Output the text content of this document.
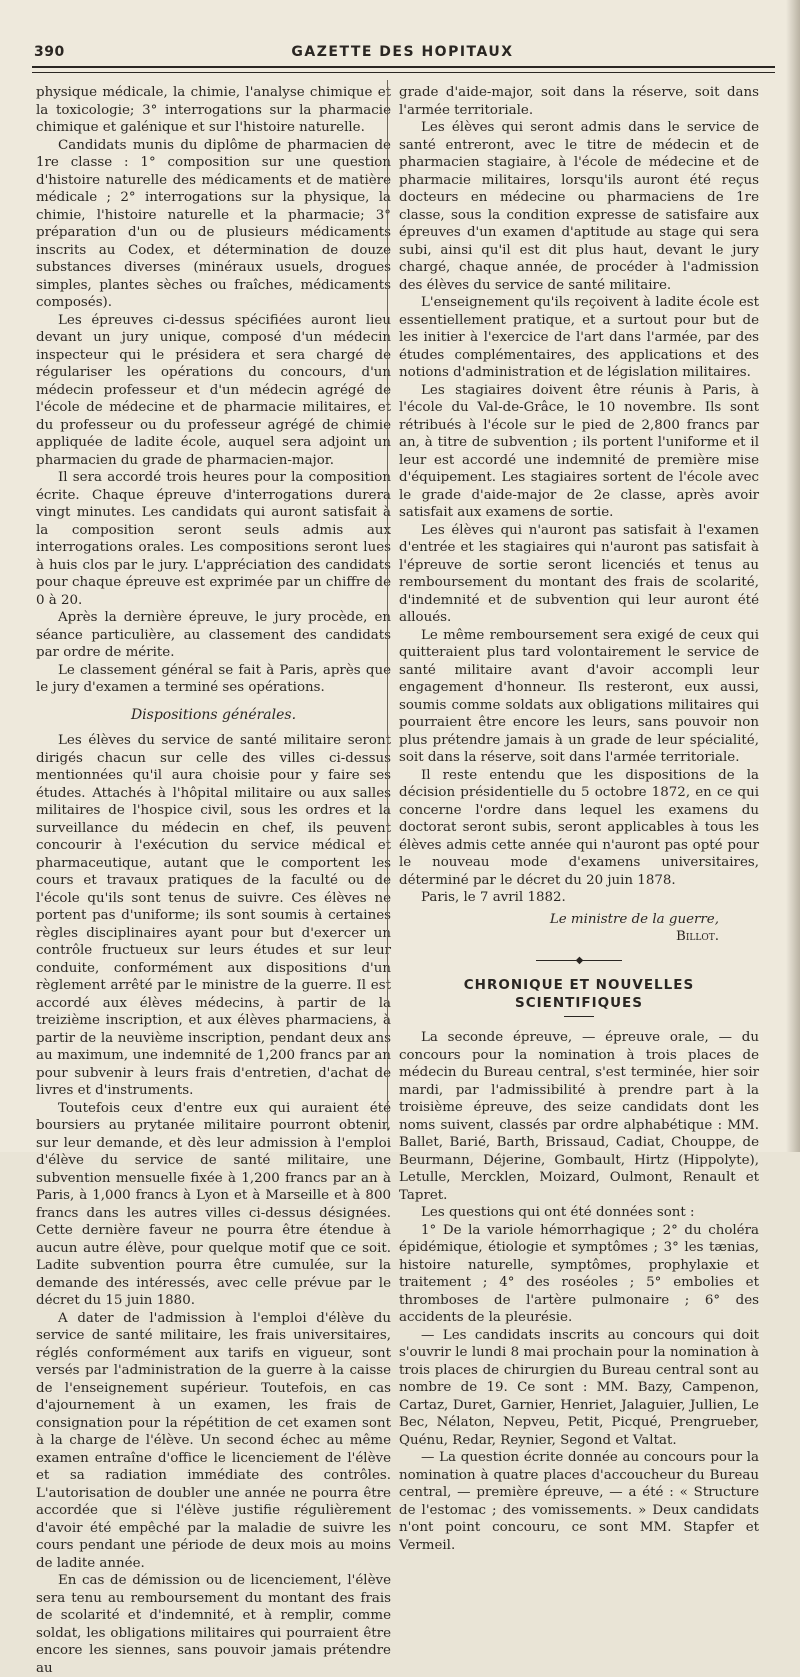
390	GAZETTE DES HOPITAUX

physique médicale, la chimie, l'analyse chimique et la toxicologie; 3° interrogations sur la pharmacie chimique et galénique et sur l'histoire naturelle.

Candidats munis du diplôme de pharmacien de 1re classe : 1° composition sur une question d'histoire naturelle des médicaments et de matière médicale ; 2° interrogations sur la physique, la chimie, l'histoire naturelle et la pharmacie; 3° préparation d'un ou de plusieurs médicaments inscrits au Codex, et détermination de douze substances diverses (minéraux usuels, drogues simples, plantes sèches ou fraîches, médicaments composés).

Les épreuves ci-dessus spécifiées auront lieu devant un jury unique, composé d'un médecin inspecteur qui le présidera et sera chargé de régulariser les opérations du concours, d'un médecin professeur et d'un médecin agrégé de l'école de médecine et de pharmacie militaires, et du professeur ou du professeur agrégé de chimie appliquée de ladite école, auquel sera adjoint un pharmacien du grade de pharmacien-major.

Il sera accordé trois heures pour la composition écrite. Chaque épreuve d'interrogations durera vingt minutes. Les candidats qui auront satisfait à la composition seront seuls admis aux interrogations orales. Les compositions seront lues à huis clos par le jury. L'appréciation des candidats pour chaque épreuve est exprimée par un chiffre de 0 à 20.

Après la dernière épreuve, le jury procède, en séance particulière, au classement des candidats par ordre de mérite.

Le classement général se fait à Paris, après que le jury d'examen a terminé ses opérations.

Dispositions générales.

Les élèves du service de santé militaire seront dirigés chacun sur celle des villes ci-dessus mentionnées qu'il aura choisie pour y faire ses études. Attachés à l'hôpital militaire ou aux salles militaires de l'hospice civil, sous les ordres et la surveillance du médecin en chef, ils peuvent concourir à l'exécution du service médical et pharmaceutique, autant que le comportent les cours et travaux pratiques de la faculté ou de l'école qu'ils sont tenus de suivre. Ces élèves ne portent pas d'uniforme; ils sont soumis à certaines règles disciplinaires ayant pour but d'exercer un contrôle fructueux sur leurs études et sur leur conduite, conformément aux dispositions d'un règlement arrêté par le ministre de la guerre. Il est accordé aux élèves médecins, à partir de la treizième inscription, et aux élèves pharmaciens, à partir de la neuvième inscription, pendant deux ans au maximum, une indemnité de 1,200 francs par an pour subvenir à leurs frais d'entretien, d'achat de livres et d'instruments.

Toutefois ceux d'entre eux qui auraient été boursiers au prytanée militaire pourront obtenir, sur leur demande, et dès leur admission à l'emploi d'élève du service de santé militaire, une subvention mensuelle fixée à 1,200 francs par an à Paris, à 1,000 francs à Lyon et à Marseille et à 800 francs dans les autres villes ci-dessus désignées. Cette dernière faveur ne pourra être étendue à aucun autre élève, pour quelque motif que ce soit. Ladite subvention pourra être cumulée, sur la demande des intéressés, avec celle prévue par le décret du 15 juin 1880.

A dater de l'admission à l'emploi d'élève du service de santé militaire, les frais universitaires, réglés conformément aux tarifs en vigueur, sont versés par l'administration de la guerre à la caisse de l'enseignement supérieur. Toutefois, en cas d'ajournement à un examen, les frais de consignation pour la répétition de cet examen sont à la charge de l'élève. Un second échec au même examen entraîne d'office le licenciement de l'élève et sa radiation immédiate des contrôles. L'autorisation de doubler une année ne pourra être accordée que si l'élève justifie régulièrement d'avoir été empêché par la maladie de suivre les cours pendant une période de deux mois au moins de ladite année.

En cas de démission ou de licenciement, l'élève sera tenu au remboursement du montant des frais de scolarité et d'indemnité, et à remplir, comme soldat, les obligations militaires qui pourraient être encore les siennes, sans pouvoir jamais prétendre au

grade d'aide-major, soit dans la réserve, soit dans l'armée territoriale.

Les élèves qui seront admis dans le service de santé entreront, avec le titre de médecin et de pharmacien stagiaire, à l'école de médecine et de pharmacie militaires, lorsqu'ils auront été reçus docteurs en médecine ou pharmaciens de 1re classe, sous la condition expresse de satisfaire aux épreuves d'un examen d'aptitude au stage qui sera subi, ainsi qu'il est dit plus haut, devant le jury chargé, chaque année, de procéder à l'admission des élèves du service de santé militaire.

L'enseignement qu'ils reçoivent à ladite école est essentiellement pratique, et a surtout pour but de les initier à l'exercice de l'art dans l'armée, par des études complémentaires, des applications et des notions d'administration et de législation militaires.

Les stagiaires doivent être réunis à Paris, à l'école du Val-de-Grâce, le 10 novembre. Ils sont rétribués à l'école sur le pied de 2,800 francs par an, à titre de subvention ; ils portent l'uniforme et il leur est accordé une indemnité de première mise d'équipement. Les stagiaires sortent de l'école avec le grade d'aide-major de 2e classe, après avoir satisfait aux examens de sortie.

Les élèves qui n'auront pas satisfait à l'examen d'entrée et les stagiaires qui n'auront pas satisfait à l'épreuve de sortie seront licenciés et tenus au remboursement du montant des frais de scolarité, d'indemnité et de subvention qui leur auront été alloués.

Le même remboursement sera exigé de ceux qui quitteraient plus tard volontairement le service de santé militaire avant d'avoir accompli leur engagement d'honneur. Ils resteront, eux aussi, soumis comme soldats aux obligations militaires qui pourraient être encore les leurs, sans pouvoir non plus prétendre jamais à un grade de leur spécialité, soit dans la réserve, soit dans l'armée territoriale.

Il reste entendu que les dispositions de la décision présidentielle du 5 octobre 1872, en ce qui concerne l'ordre dans lequel les examens du doctorat seront subis, seront applicables à tous les élèves admis cette année qui n'auront pas opté pour le nouveau mode d'examens universitaires, déterminé par le décret du 20 juin 1878.

Paris, le 7 avril 1882.

Le ministre de la guerre,
Billot.
◆
CHRONIQUE ET NOUVELLES SCIENTIFIQUES

La seconde épreuve, — épreuve orale, — du concours pour la nomination à trois places de médecin du Bureau central, s'est terminée, hier soir mardi, par l'admissibilité à prendre part à la troisième épreuve, des seize candidats dont les noms suivent, classés par ordre alphabétique : MM. Ballet, Barié, Barth, Brissaud, Cadiat, Chouppe, de Beurmann, Déjerine, Gombault, Hirtz (Hippolyte), Letulle, Mercklen, Moizard, Oulmont, Renault et Tapret.

Les questions qui ont été données sont :

1° De la variole hémorrhagique ; 2° du choléra épidémique, étiologie et symptômes ; 3° les tænias, histoire naturelle, symptômes, prophylaxie et traitement ; 4° des roséoles ; 5° embolies et thromboses de l'artère pulmonaire ; 6° des accidents de la pleurésie.

— Les candidats inscrits au concours qui doit s'ouvrir le lundi 8 mai prochain pour la nomination à trois places de chirurgien du Bureau central sont au nombre de 19. Ce sont : MM. Bazy, Campenon, Cartaz, Duret, Garnier, Henriet, Jalaguier, Jullien, Le Bec, Nélaton, Nepveu, Petit, Picqué, Prengrueber, Quénu, Redar, Reynier, Segond et Valtat.

— La question écrite donnée au concours pour la nomination à quatre places d'accoucheur du Bureau central, — première épreuve, — a été : « Structure de l'estomac ; des vomissements. » Deux candidats n'ont point concouru, ce sont MM. Stapfer et Vermeil.
